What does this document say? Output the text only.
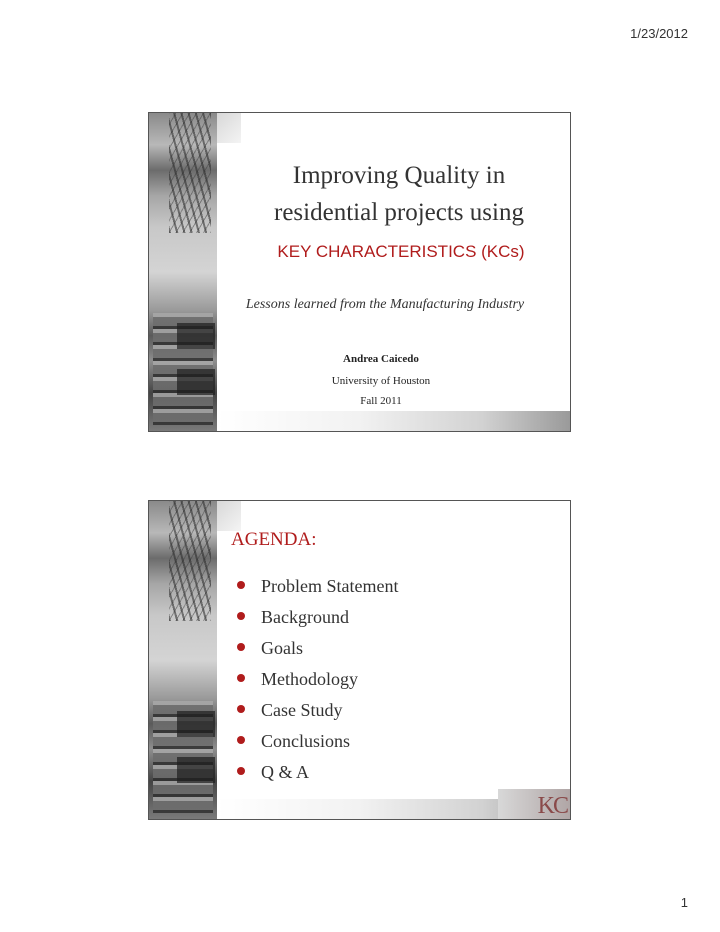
1/23/2012
Improving Quality in residential projects using
KEY CHARACTERISTICS (KCs)
Lessons learned from the Manufacturing Industry
Andrea Caicedo
University of Houston
Fall 2011
AGENDA:
Problem Statement
Background
Goals
Methodology
Case Study
Conclusions
Q & A
KC
1
